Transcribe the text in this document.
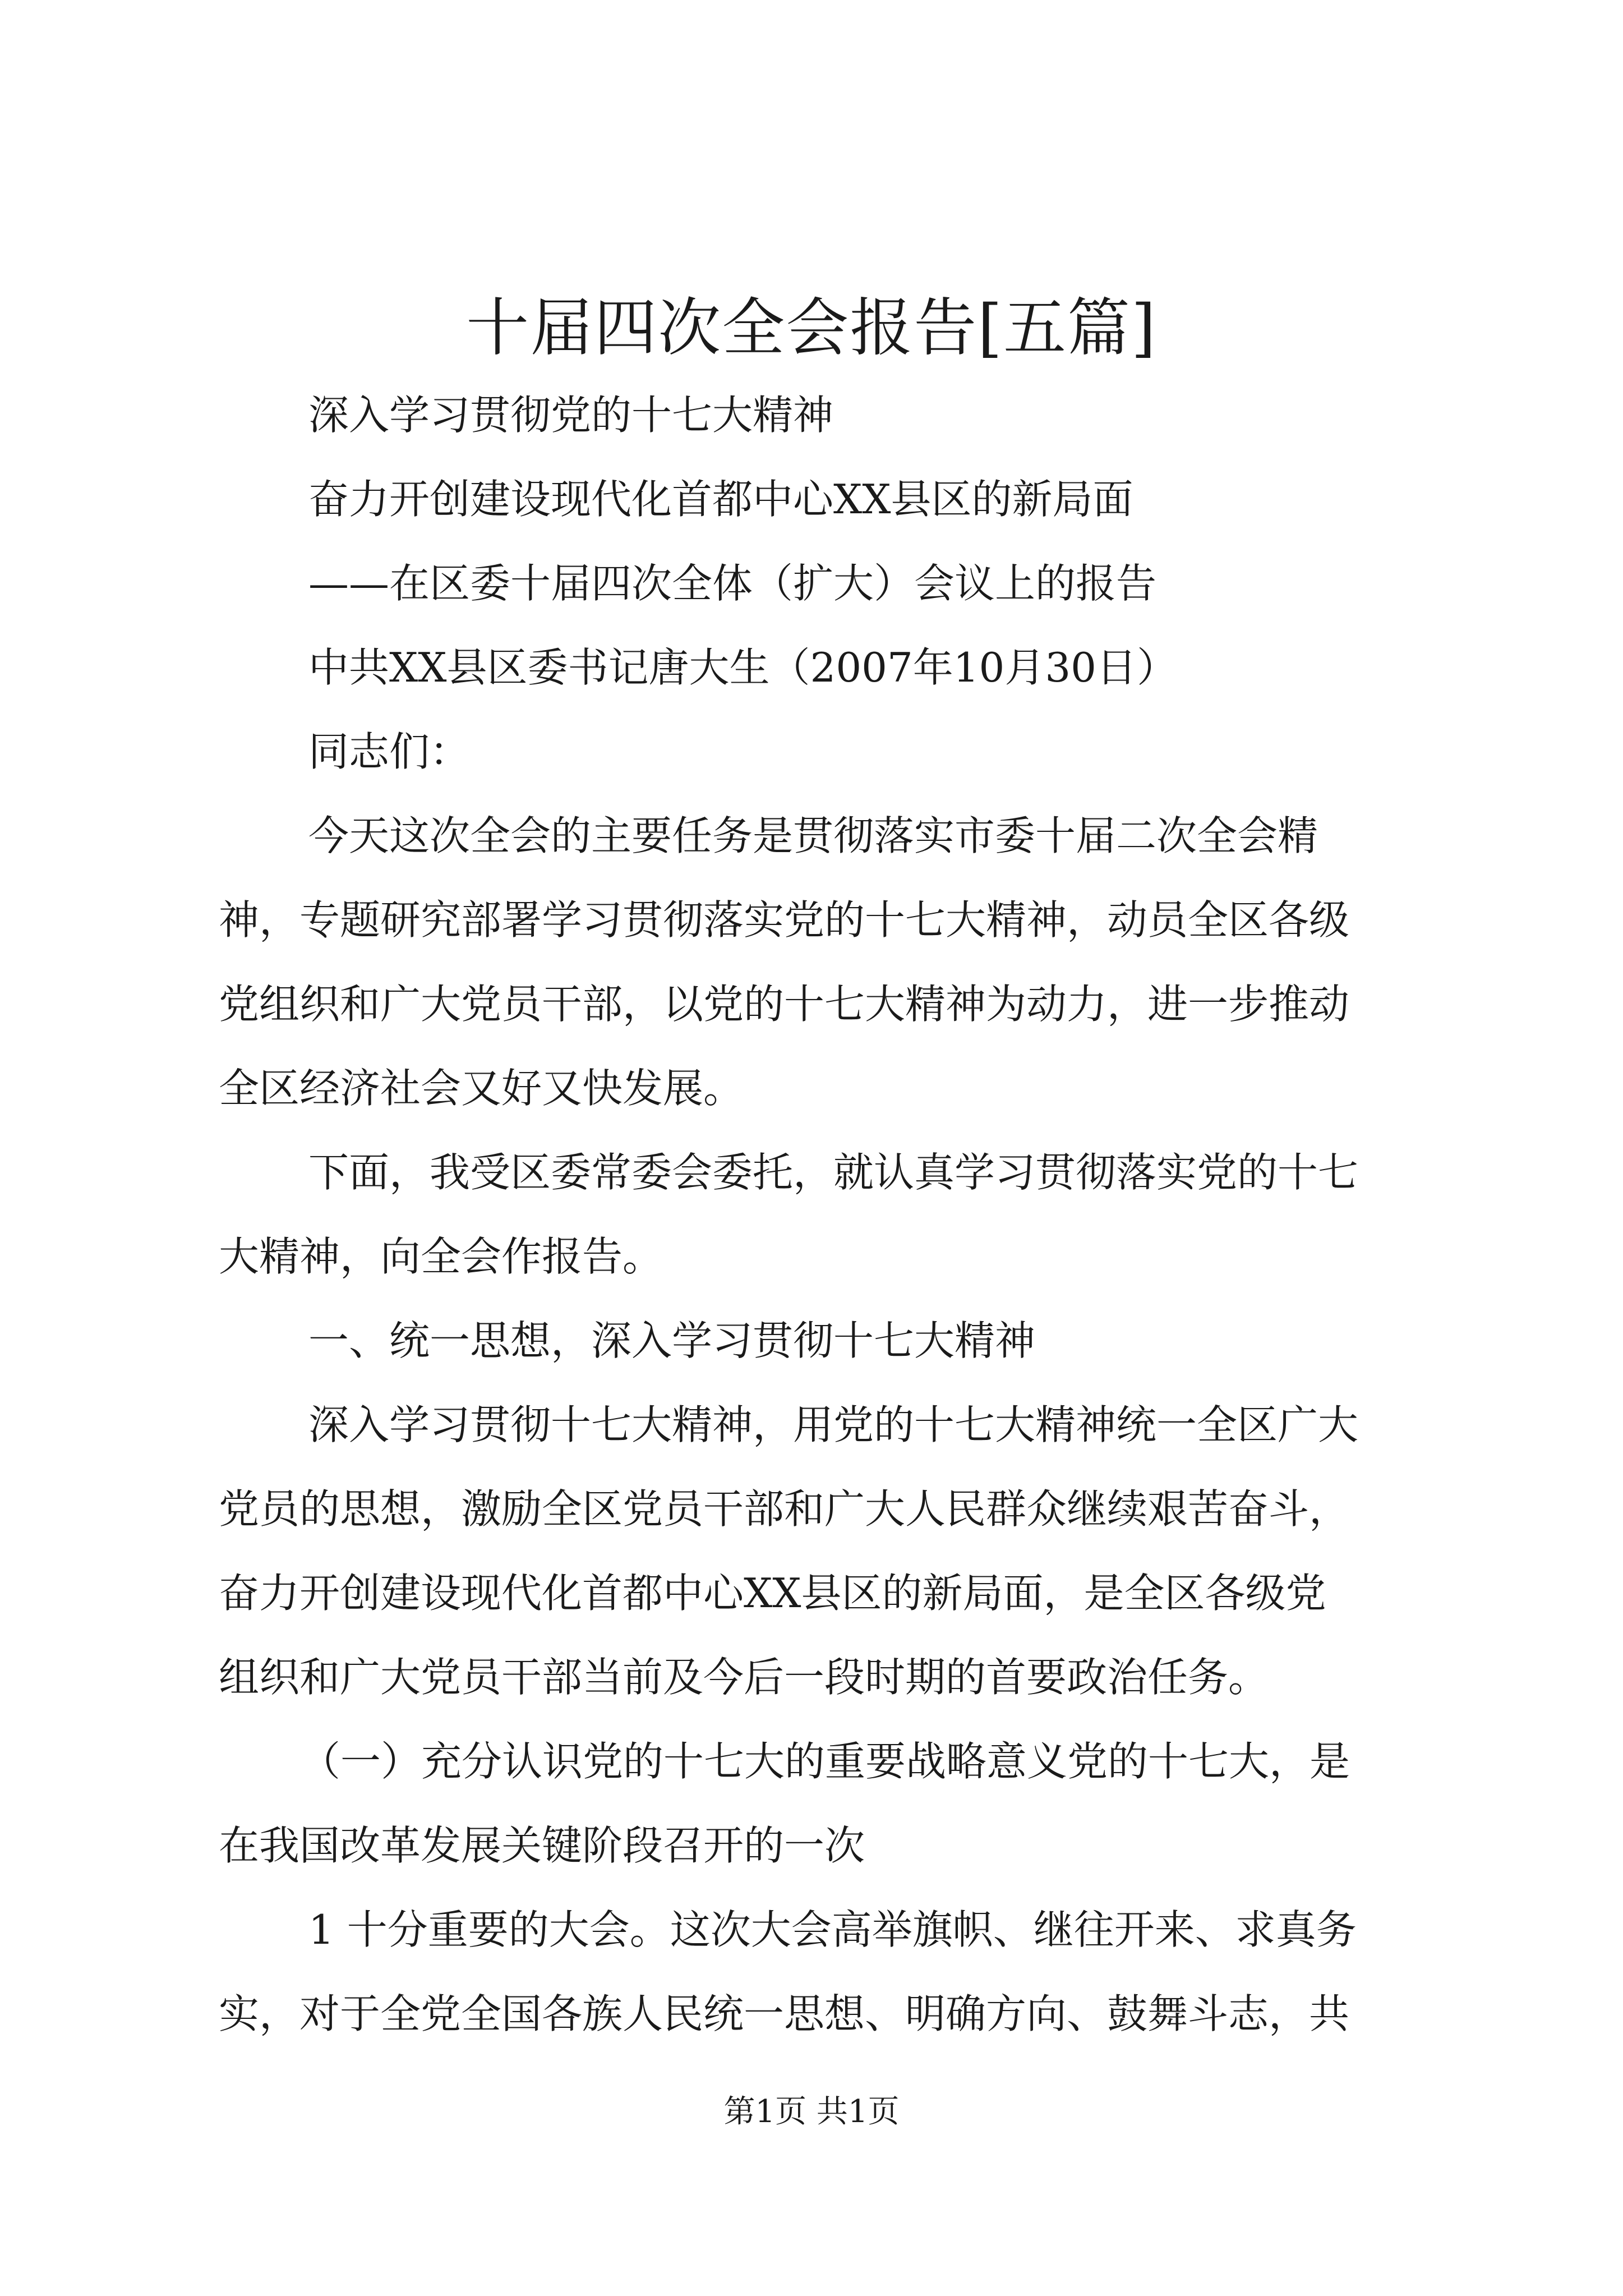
十届四次全会报告[五篇]
深入学习贯彻党的十七大精神
奋力开创建设现代化首都中心XX县区的新局面
——在区委十届四次全体（扩大）会议上的报告
中共XX县区委书记唐大生（2007年10月30日）
同志们：
今天这次全会的主要任务是贯彻落实市委十届二次全会精
神，专题研究部署学习贯彻落实党的十七大精神，动员全区各级
党组织和广大党员干部，以党的十七大精神为动力，进一步推动
全区经济社会又好又快发展。
下面，我受区委常委会委托，就认真学习贯彻落实党的十七
大精神，向全会作报告。
一、统一思想，深入学习贯彻十七大精神
深入学习贯彻十七大精神，用党的十七大精神统一全区广大
党员的思想，激励全区党员干部和广大人民群众继续艰苦奋斗，
奋力开创建设现代化首都中心XX县区的新局面，是全区各级党
组织和广大党员干部当前及今后一段时期的首要政治任务。
（一）充分认识党的十七大的重要战略意义党的十七大，是
在我国改革发展关键阶段召开的一次
1 十分重要的大会。这次大会高举旗帜、继往开来、求真务
实，对于全党全国各族人民统一思想、明确方向、鼓舞斗志，共
第1页 共1页
